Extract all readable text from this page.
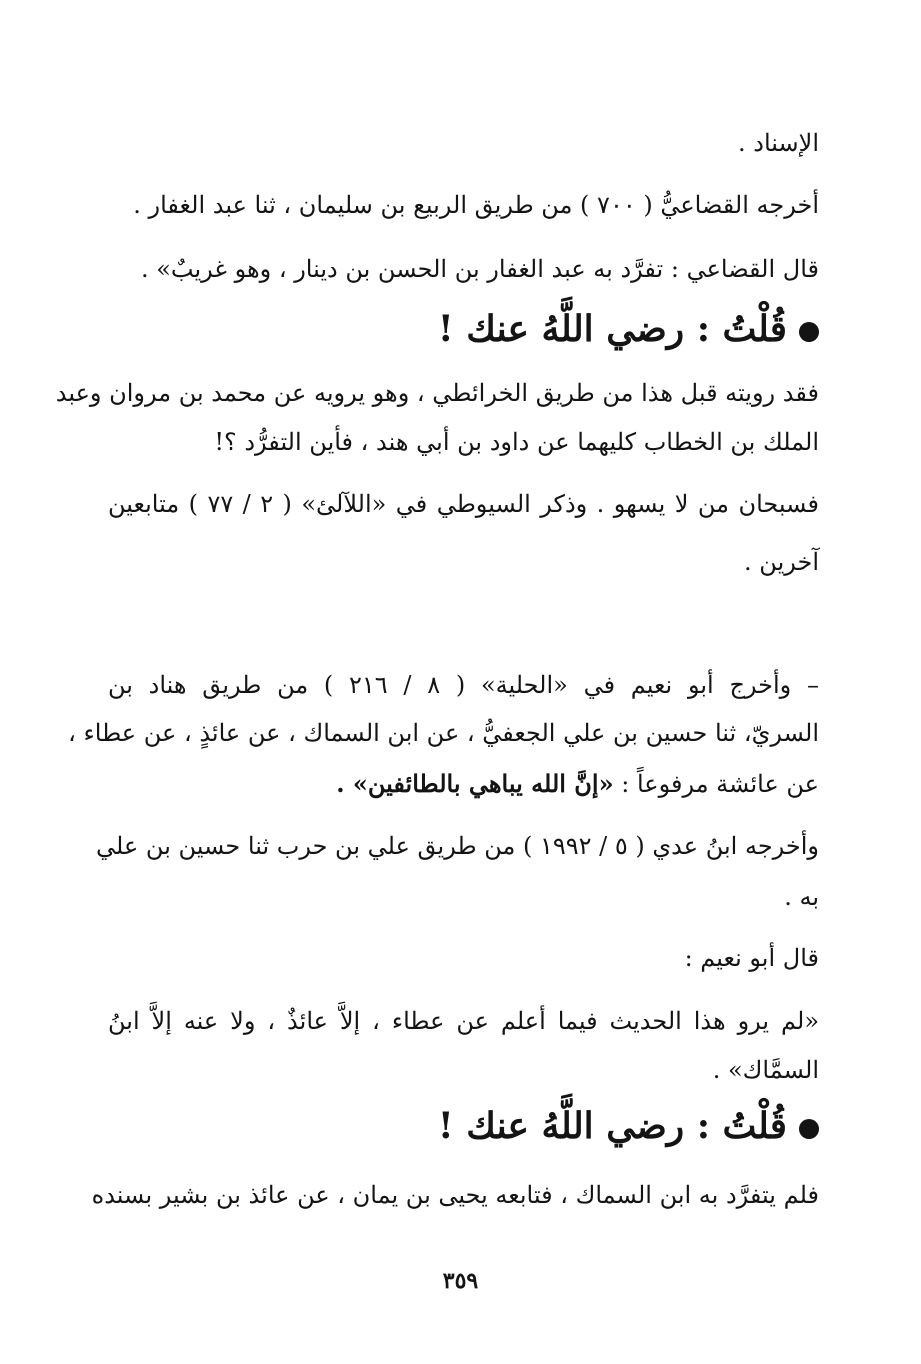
الإسناد .
أخرجه القضاعيُّ ( ٧٠٠ ) من طريق الربيع بن سليمان ، ثنا عبد الغفار .
قال القضاعي : تفرَّد به عبد الغفار بن الحسن بن دينار ، وهو غريبٌ» .
قُلْتُ : رضي اللَّهُ عنك !
فقد رويته قبل هذا من طريق الخرائطي ، وهو يرويه عن محمد بن مروان وعبد
الملك بن الخطاب كليهما عن داود بن أبي هند ، فأين التفرُّد ؟!
فسبحان من لا يسهو . وذكر السيوطي في «اللآلئ» ( ٢ / ٧٧ ) متابعين
آخرين .
– وأخرج أبو نعيم في «الحلية» ( ٨ / ٢١٦ ) من طريق هناد بن
السريّ، ثنا حسين بن علي الجعفيُّ ، عن ابن السماك ، عن عائذٍ ، عن عطاء ،
عن عائشة مرفوعاً : «إنَّ الله يباهي بالطائفين» .
وأخرجه ابنُ عدي ( ٥ / ١٩٩٢ ) من طريق علي بن حرب ثنا حسين بن علي
به .
قال أبو نعيم :
«لم يرو هذا الحديث فيما أعلم عن عطاء ، إلاَّ عائذٌ ، ولا عنه إلاَّ ابنُ
السمَّاك» .
قُلْتُ : رضي اللَّهُ عنك !
فلم يتفرَّد به ابن السماك ، فتابعه يحيى بن يمان ، عن عائذ بن بشير بسنده
٣٥٩
